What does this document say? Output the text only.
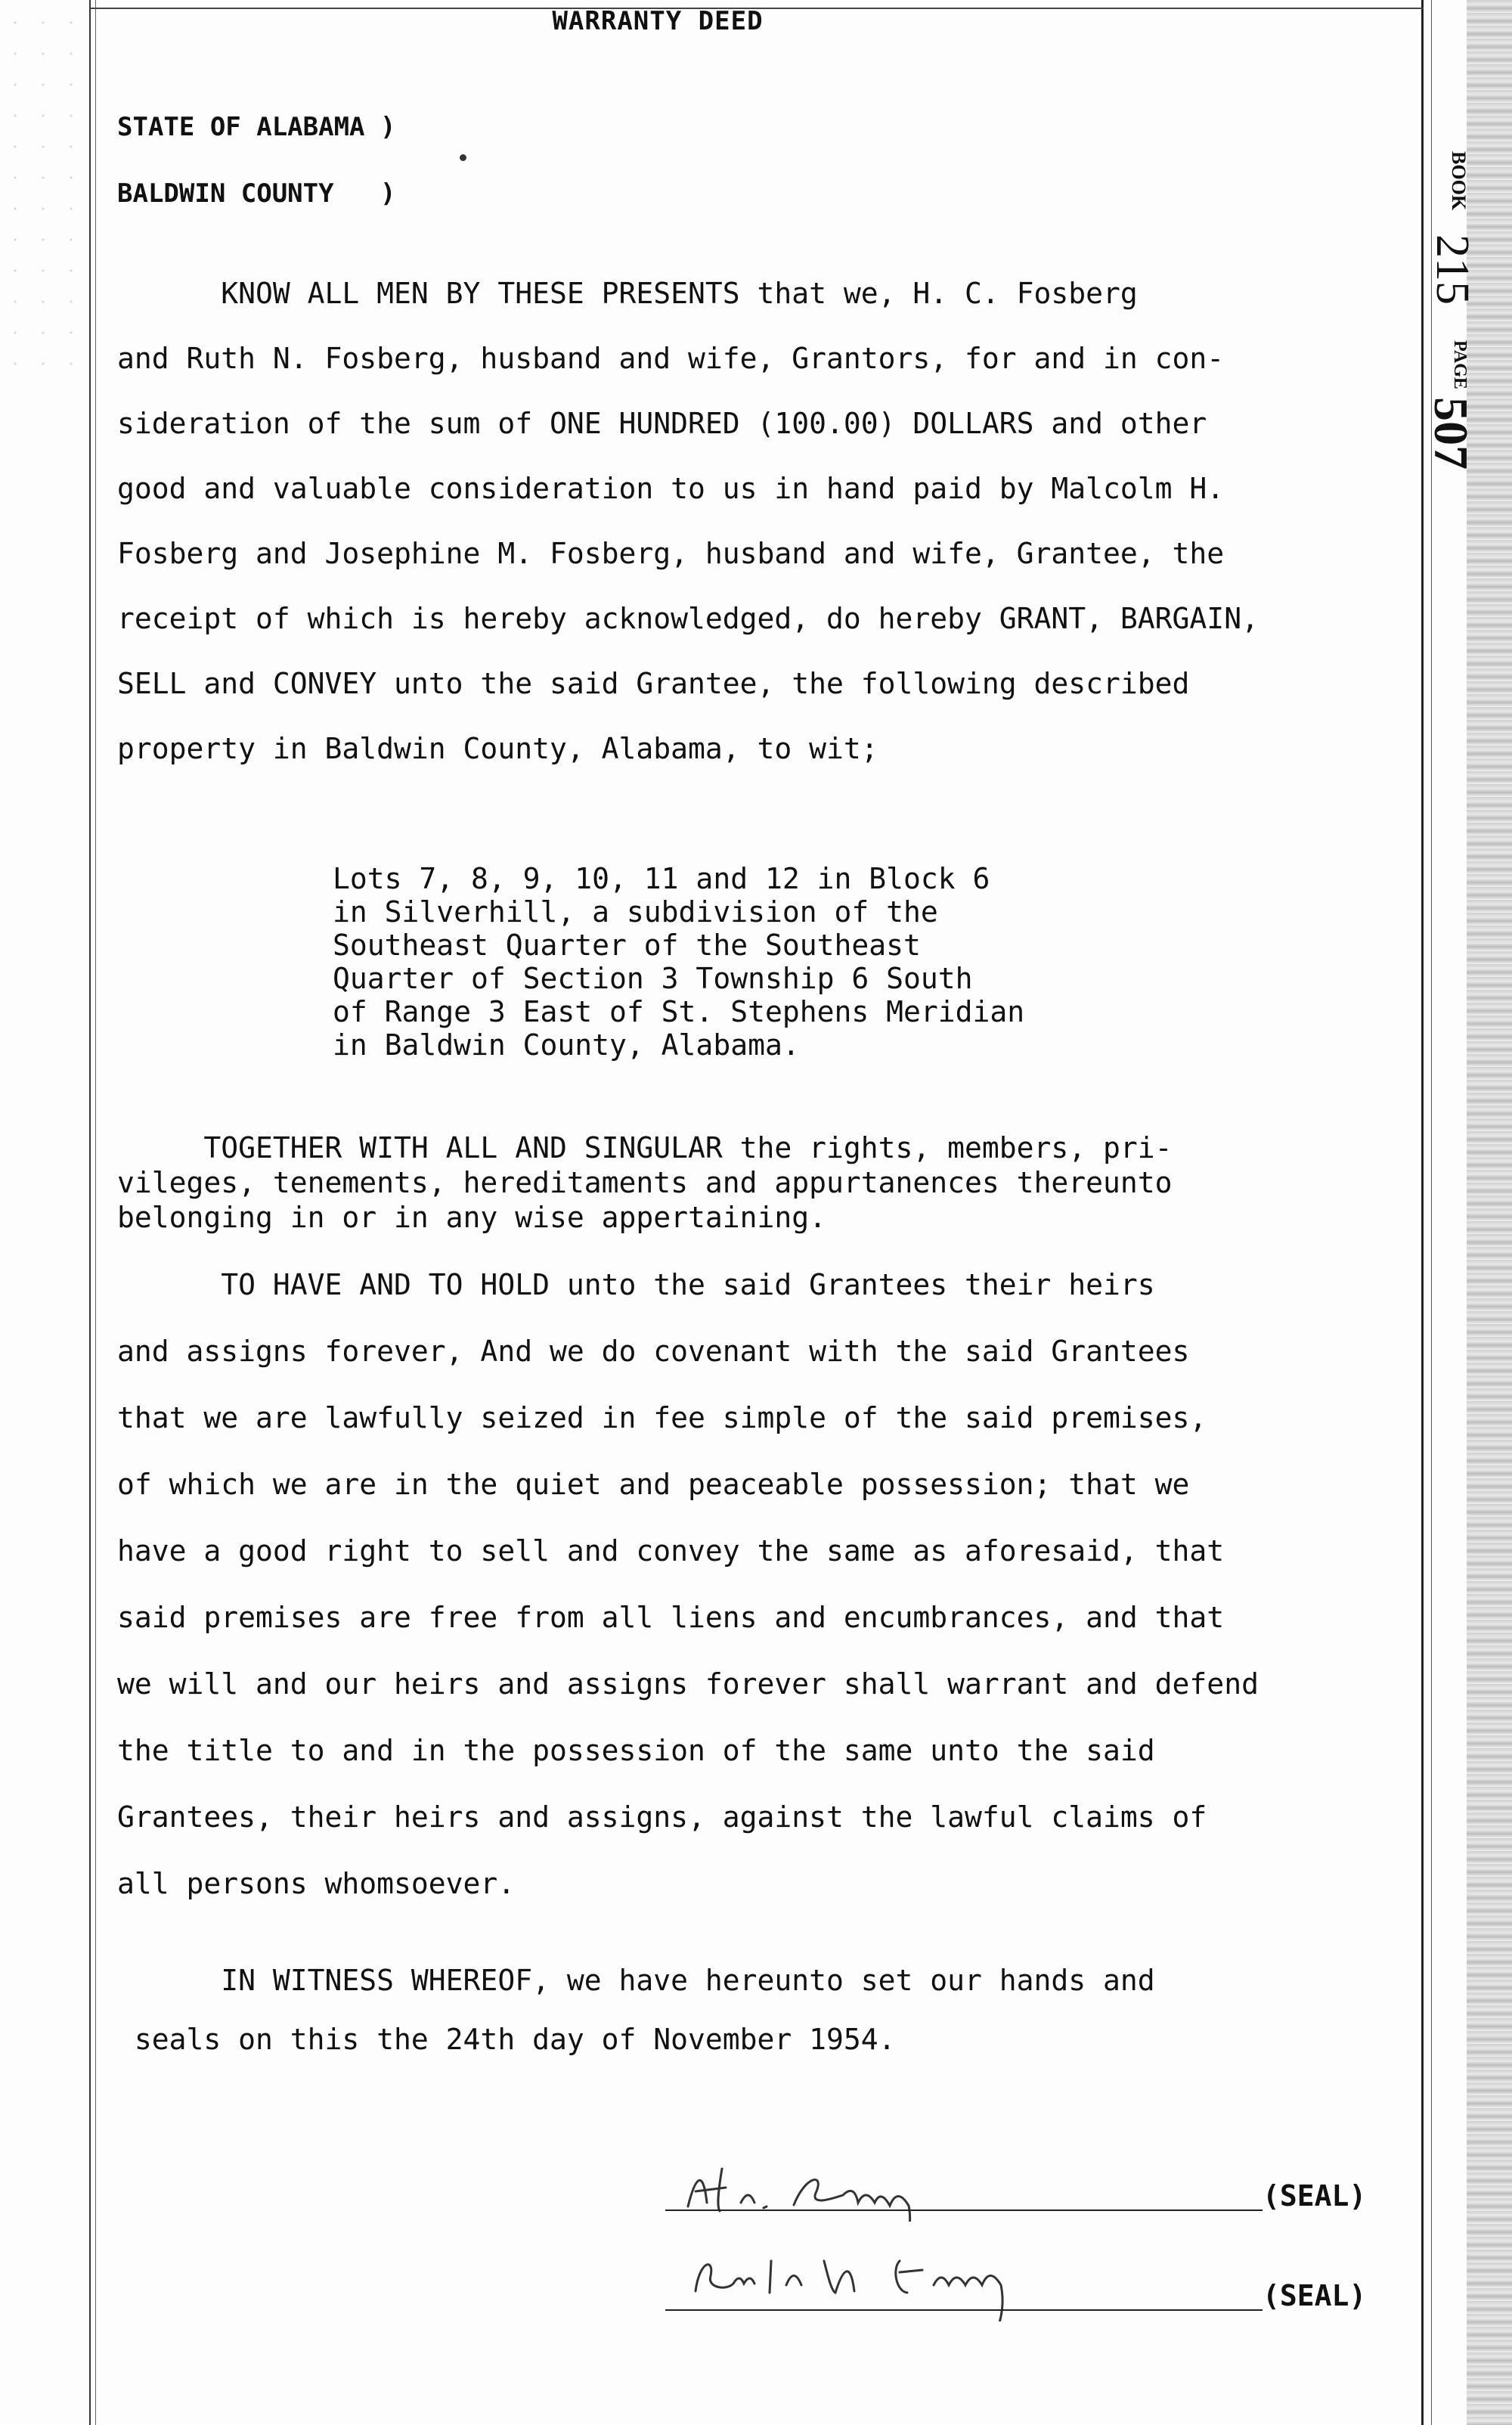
WARRANTY DEED
STATE OF ALABAMA )
BALDWIN COUNTY   )	BOOK
215
PAGE
507

KNOW ALL MEN BY THESE PRESENTS that we, H. C. Fosberg

and Ruth N. Fosberg, husband and wife, Grantors, for and in con-

sideration of the sum of ONE HUNDRED (100.00) DOLLARS and other

good and valuable consideration to us in hand paid by Malcolm H.

Fosberg and Josephine M. Fosberg, husband and wife, Grantee, the

receipt of which is hereby acknowledged, do hereby GRANT, BARGAIN,

SELL and CONVEY unto the said Grantee, the following described

property in Baldwin County, Alabama, to wit;

Lots 7, 8, 9, 10, 11 and 12 in Block 6

in Silverhill, a subdivision of the

Southeast Quarter of the Southeast

Quarter of Section 3 Township 6 South

of Range 3 East of St. Stephens Meridian

in Baldwin County, Alabama.

TOGETHER WITH ALL AND SINGULAR the rights, members, pri-

vileges, tenements, hereditaments and appurtanences thereunto

belonging in or in any wise appertaining.

TO HAVE AND TO HOLD unto the said Grantees their heirs

and assigns forever, And we do covenant with the said Grantees

that we are lawfully seized in fee simple of the said premises,

of which we are in the quiet and peaceable possession; that we

have a good right to sell and convey the same as aforesaid, that

said premises are free from all liens and encumbrances, and that

we will and our heirs and assigns forever shall warrant and defend

the title to and in the possession of the same unto the said

Grantees, their heirs and assigns, against the lawful claims of

all persons whomsoever.

IN WITNESS WHEREOF, we have hereunto set our hands and

seals on this the 24th day of November 1954.

(SEAL)
(SEAL)
